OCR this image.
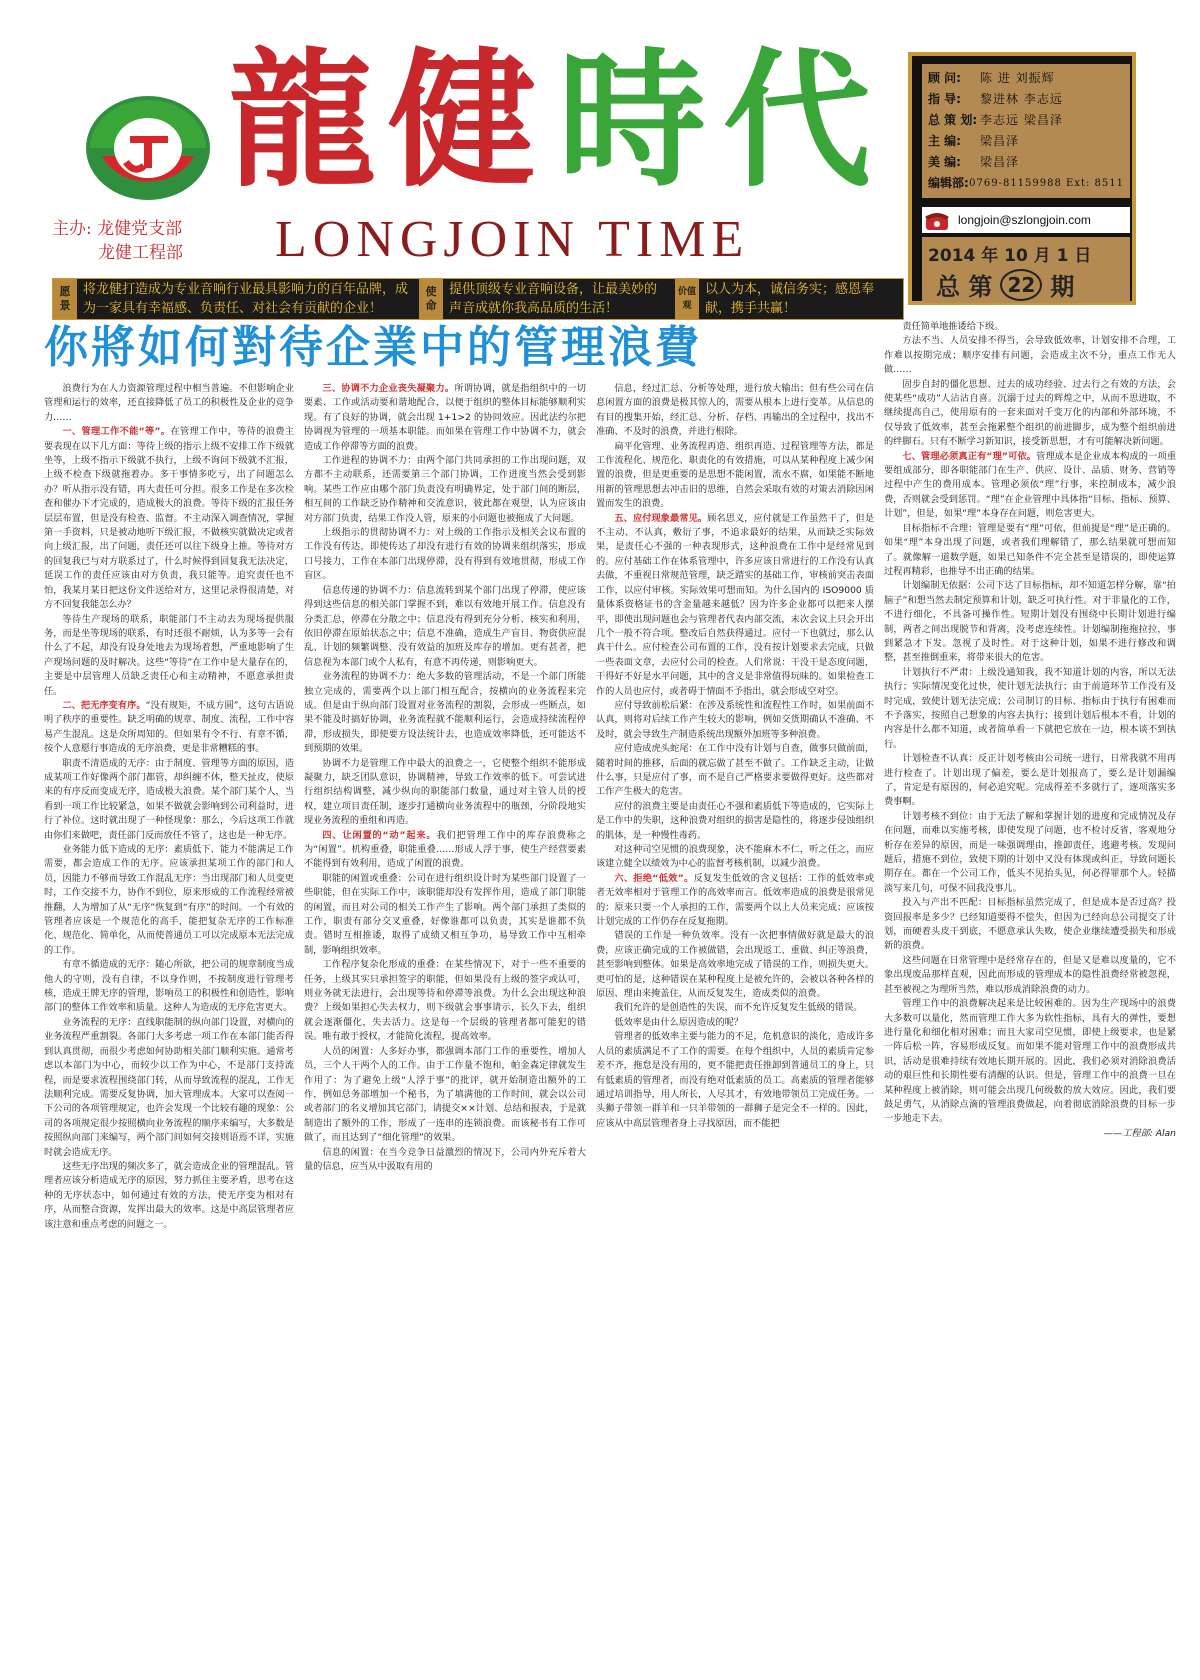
龍 健 時 代
主办: 龙健党支部
龙健工程部 LONGJOIN TIME
顾 问:	陈 进 刘振辉
指 导:	黎进林 李志远
总 策 划: 李志远 梁昌泽
主 编:	梁昌泽
美 编:	梁昌泽
编辑部: 0769-81159988 Ext: 8511
longjoin@szlongjoin.com
2014 年 10 月 1 日
总 第 22 期
愿景
将龙健打造成为专业音响行业最具影响力的百年品牌，成为一家具有幸福感、负责任、对社会有贡献的企业！
使命
提供顶级专业音响设备，让最美妙的声音成就你我高品质的生活！
价值观
以人为本，诚信务实；感恩奉献，携手共赢！
你將如何對待企業中的管理浪費

浪费行为在人力资源管理过程中相当普遍。不但影响企业管理和运行的效率，还直接降低了员工的积极性及企业的竞争力……

一、管理工作不能“等”。在管理工作中，等待的浪费主要表现在以下几方面：等待上级的指示上级不安排工作下级就坐等，上级不指示下级就不执行，上级不询问下级就不汇报，上级不检查下级就拖着办。多干事情多吃亏，出了问题怎么办？听从指示没有错，再大责任可分担。很多工作是在多次检查和催办下才完成的，造成极大的浪费。等待下级的汇报任务层层布置，但是没有检查、监督。不主动深入调查情况，掌握第一手资料，只是被动地听下级汇报，不做核实就做决定或者向上级汇报，出了问题，责任还可以往下级身上推。等待对方的回复我已与对方联系过了，什么时候得到回复我无法决定，延误工作的责任应该由对方负责，我只能等。追究责任也不怕，我某月某日把这份文件送给对方，这里记录得很清楚，对方不回复我能怎么办？

等待生产现场的联系，职能部门不主动去为现场提供服务，而是坐等现场的联系，有时还很不耐烦，认为多等一会有什么了不起，却没有设身处地去为现场着想，严重地影响了生产现场问题的及时解决。这些“等待”在工作中是大量存在的，主要是中层管理人员缺乏责任心和主动精神，不愿意承担责任。

二、把无序变有序。“没有规矩，不成方圆”，这句古语说明了秩序的重要性。缺乏明确的规章、制度、流程，工作中容易产生混乱。这是众所周知的。但如果有令不行、有章不循，按个人意愿行事造成的无序浪费，更是非常糟糕的事。

职责不清造成的无序：由于制度、管理等方面的原因，造成某项工作好像两个部门都管，却纠缠不休，整天扯皮，使原来的有序反而变成无序，造成极大浪费。某个部门某个人，当看到一项工作比较紧急，如果不做就会影响到公司利益时，进行了补位。这时就出现了一种怪现象：那么，今后这项工作就由你们来做吧，责任部门反而放任不管了，这也是一种无序。

业务能力低下造成的无序：素质低下、能力不能满足工作需要，都会造成工作的无序。应该承担某项工作的部门和人员，因能力不够而导致工作混乱无序：当出现部门和人员变更时，工作交接不力，协作不到位，原来形成的工作流程经常被推翻，人为增加了从“无序”恢复到“有序”的时间。一个有效的管理者应该是一个规范化的高手，能把复杂无序的工作标准化、规范化、简单化，从而使普通员工可以完成原本无法完成的工作。

有章不循造成的无序：随心所欲，把公司的规章制度当成他人的守则，没有自律，不以身作则，不按制度进行管理考核，造成王牌无序的管理，影响员工的积极性和创造性，影响部门的整体工作效率和质量。这种人为造成的无序危害更大。

业务流程的无序：直线职能制的纵向部门设置，对横向的业务流程严重割裂。各部门大多考虑一项工作在本部门能否得到认真贯彻，而很少考虑如何协助相关部门顺利实施。通常考虑以本部门为中心，而较少以工作为中心，不是部门支持流程，而是要求流程围绕部门转，从而导致流程的混乱，工作无法顺利完成。需要反复协调，加大管理成本。大家可以查阅一下公司的各项管理规定，也许会发现一个比较有趣的现象：公司的各项规定很少按照横向业务流程的顺序来编写，大多数是按照纵向部门来编写，两个部门间如何交接则语焉不详，实施时就会造成无序。

这些无序出现的频次多了，就会造成企业的管理混乱。管理者应该分析造成无序的原因，努力抓住主要矛盾，思考在这种的无序状态中，如何通过有效的方法，使无序变为相对有序，从而整合资源，发挥出最大的效率。这是中高层管理者应该注意和重点考虑的问题之一。

三、协调不力企业丧失凝聚力。所谓协调，就是指组织中的一切要素、工作或活动要和谐地配合，以便于组织的整体目标能够顺利实现。有了良好的协调，就会出现 1+1>2 的协同效应。因此法约尔把协调视为管理的一项基本职能。而如果在管理工作中协调不力，就会造成工作停滞等方面的浪费。

工作进程的协调不力：由两个部门共同承担的工作出现问题，双方都不主动联系，还需要第三个部门协调，工作进度当然会受到影响。某些工作应由哪个部门负责没有明确界定，处于部门间的断层，相互间的工作缺乏协作精神和交流意识，彼此都在观望，认为应该由对方部门负责，结果工作没人管，原来的小问题也被拖成了大问题。

上级指示的贯彻协调不力：对上级的工作指示及相关会议布置的工作没有传达，即使传达了却没有进行有效的协调来组织落实，形成口号接力，工作在本部门出现停滞，没有得到有效地贯彻，形成工作盲区。

信息传递的协调不力：信息流转到某个部门出现了停滞，使应该得到这些信息的相关部门掌握不到，难以有效地开展工作。信息没有分类汇总，停滞在分散之中；信息没有得到充分分析、核实和利用，依旧停滞在原始状态之中；信息不准确，造成生产盲目、物资供应混乱、计划的频繁调整、没有效益的加班及库存的增加。更有甚者，把信息视为本部门或个人私有，有意不再传递，则影响更大。

业务流程的协调不力：绝大多数的管理活动，不是一个部门所能独立完成的，需要两个以上部门相互配合，按横向的业务流程来完成。但是由于纵向部门设置对业务流程的割裂，会形成一些断点，如果不能及时搞好协调，业务流程就不能顺利运行，会造成持续流程停滞，形成损失，即使要方设法统计去，也造成效率降低，还可能达不到预期的效果。

协调不力是管理工作中最大的浪费之一，它使整个组织不能形成凝聚力，缺乏团队意识，协调精神，导致工作效率的低下。可尝试进行组织结构调整，减少纵向的职能部门数量，通过对主管人员的授权，建立项目责任制，逐步打通横向业务流程中的瓶颈，分阶段地实现业务流程的重组和再造。

四、让闲置的“动”起来。我们把管理工作中的库存浪费称之为“闲置”。机构重叠，职能重叠……形成人浮于事，使生产经营要素不能得到有效利用，造成了闲置的浪费。

职能的闲置或重叠：公司在进行组织设计时为某些部门设置了一些职能，但在实际工作中，该职能却没有发挥作用，造成了部门职能的闲置，而且对公司的相关工作产生了影响。两个部门承担了类似的工作，职责有部分交叉重叠，好像谁都可以负责，其实是谁都不负责。错时互相推诿，取得了成绩又相互争功，易导致工作中互相牵制，影响组织效率。

工作程序复杂化形成的重叠：在某些情况下，对于一些不重要的任务，上级其实只承担签字的职能，但如果没有上级的签字或认可，则业务就无法进行，会出现等待和停滞等浪费。为什么会出现这种浪费？上级如果担心失去权力，则下级就会事事请示，长久下去，组织就会逐渐僵化，失去活力。这是每一个层级的管理者都可能犯的错误。唯有敢于授权，才能简化流程，提高效率。

人员的闲置：人多好办事，都强调本部门工作的重要性，增加人员，三个人干两个人的工作。由于工作量不饱和，帕金森定律就发生作用了：为了避免上级“人浮于事”的批评，就开始制造出额外的工作，例如总务部增加一个秘书，为了填满他的工作时间，就会以公司或者部门的名义增加其它部门，请提交××计划、总结和报表，于是就制造出了额外的工作，形成了一连串的连锁浪费。而该秘书有工作可做了，而且达到了“细化管理”的效果。

信息的闲置：在当今竞争日益激烈的情况下，公司内外充斥着大量的信息，应当从中汲取有用的

信息，经过汇总、分析等处理，进行放大输出；但有些公司在信息闲置方面的浪费是极其惊人的，需要从根本上进行变革。从信息的有目的搜集开始，经汇总、分析、存档、再输出的全过程中，找出不准确、不及时的浪费，并进行根除。

扁平化管理、业务流程再造、组织再造、过程管理等方法，都是工作流程化、规范化、职责化的有效措施，可以从某种程度上减少闲置的浪费，但是更重要的是思想不能闲置，流水不腐，如果能不断地用新的管理思想去冲击旧的思维，自然会采取有效的对策去消除因闲置而发生的浪费。

五、应付现象最常见。顾名思义，应付就是工作虽然干了，但是不主动、不认真，敷衍了事，不追求最好的结果，从而缺乏实际效果，是责任心不强的一种表现形式，这种浪费在工作中是经常见到的。应付基础工作在体系管理中，许多应该日常进行的工作没有认真去做，不重视日常规范管理，缺乏踏实的基础工作，审核前突击表面工作，以应付审核。实际效果可想而知。为什么国内的 ISO9000 质量体系资格证书的含金量越来越低？因为许多企业都可以把来人摆平，即使出现问题也会与管理者代表内部交流，末次会议上只会开出几个一般不符合项。整改后自然获得通过。应付一下也就过，那么认真干什么。应付检查公司布置的工作，没有按计划要求去完成，只做一些表面文章，去应付公司的检查。人们常说：干没干是态度问题，干得好不好是水平问题，其中的含义是非常值得玩味的。如果检查工作的人员也应付，或者碍于情面不予指出，就会形成空对空。

应付导致前松后紧：在涉及系统性和流程性工作时，如果前面不认真，则将对后续工作产生较大的影响，例如交货期确认不准确、不及时，就会导致生产制造系统出现额外加班等多种浪费。

应付造成虎头蛇尾：在工作中没有计划与自查，做事只做前面，随着时间的推移，后面的就忘做了甚至不做了。工作缺乏主动，让做什么事，只是应付了事，而不是自己严格要求要做得更好。这些都对工作产生极大的危害。

应付的浪费主要是由责任心不强和素质低下等造成的，它实际上是工作中的失职，这种浪费对组织的损害是隐性的，将逐步侵蚀组织的肌体，是一种慢性毒药。

对这种司空见惯的浪费现象，决不能麻木不仁，听之任之，而应该建立健全以绩效为中心的监督考核机制，以减少浪费。

六、拒绝“低效”。反复发生低效的含义包括：工作的低效率或者无效率相对于管理工作的高效率而言。低效率造成的浪费是很常见的：原来只要一个人承担的工作，需要两个以上人员来完成；应该按计划完成的工作仍存在反复拖期。

错误的工作是一种负效率。没有一次把事情做好就是最大的浪费，应该正确完成的工作被做错，会出现返工、重做、纠正等浪费，甚至影响到整体。如果是高效率地完成了错误的工作，则损失更大。更可怕的是，这种错误在某种程度上是被允许的，会被以各种各样的原因、理由来掩盖住，从而反复发生，造成类似的浪费。

我们允许的是创造性的失误，而不允许反复发生低级的错误。

低效率是由什么原因造成的呢？

管理者的低效率主要与能力的不足，危机意识的淡化，造成许多人员的素质满足不了工作的需要。在每个组织中，人员的素质肯定参差不齐，拖怠是没有用的，更不能把责任推卸到普通员工的身上，只有低素质的管理者，而没有绝对低素质的员工。高素质的管理者能够通过培训指导，用人所长，人尽其才，有效地带领员工完成任务。一头狮子带领一群羊和一只羊带领的一群狮子是完全不一样的。因此，应该从中高层管理者身上寻找原因，而不能把

责任简单地推诿给下级。

方法不当、人员安排不得当，会导致低效率，计划安排不合理，工作难以按期完成；顺序安排有问题，会造成主次不分，重点工作无人做……

固步自封的僵化思想、过去的成功经验、过去行之有效的方法，会使某些“成功”人沾沾自喜。沉溺于过去的辉煌之中，从而不思进取，不继续提高自己，使用原有的一套来面对千变万化的内部和外部环境，不仅导致了低效率，甚至会拖累整个组织的前进脚步，成为整个组织前进的绊脚石。只有不断学习新知识，接受新思想，才有可能解决新问题。

七、管理必须真正有“理”可依。管理成本是企业成本构成的一项重要组成部分，即各职能部门在生产、供应、设计、品质、财务、营销等过程中产生的费用成本。管理必须依“理”行事，来控制成本，减少浪费，否则就会受到惩罚。“理”在企业管理中具体指“目标、指标、预算、计划”，但是，如果“理”本身存在问题，则危害更大。

目标指标不合理：管理是要有“理”可依，但前提是“理”是正确的。如果“理”本身出现了问题，或者我们理解错了，那么结果就可想而知了。就像解一道数学题，如果已知条件不完全甚至是错误的，即使运算过程再精彩，也推导不出正确的结果。

计划编制无依据：公司下达了目标指标，却不知道怎样分解，靠“拍脑子”和想当然去制定预算和计划，缺乏可执行性。对于非量化的工作，不进行细化，不具备可操作性。短期计划没有围绕中长期计划进行编制，两者之间出现脱节和背离，没考虑连续性。计划编制拖拖拉拉，事到紧急才下发。忽视了及时性。对于这种计划，如果不进行修改和调整，甚至推倒重来，将带来很大的危害。

计划执行不严肃：上级没通知我，我不知道计划的内容，所以无法执行；实际情况变化过快，使计划无法执行；由于前道环节工作没有及时完成，致使计划无法完成；公司制订的目标、指标由于执行有困难而不予落实，按照自己想象的内容去执行；接到计划后根本不看，计划的内容是什么都不知道，或者简单看一下就把它放在一边，根本谈不到执行。

计划检查不认真：反正计划考核由公司统一进行，日常我就不用再进行检查了。计划出现了偏差，要么是计划报高了，要么是计划漏编了，肯定是有原因的，何必追究呢。完成得差不多就行了，逐项落实多费事啊。

计划考核不到位：由于无法了解和掌握计划的进度和完成情况及存在问题，而难以实施考核，即使发现了问题，也不检讨反省，客观地分析存在差异的原因，而是一味强调理由，推卸责任，逃避考核。发现问题后，措施不到位，致使下期的计划中又没有体现或纠正，导致问题长期存在。都在一个公司工作，低头不见抬头见，何必得罪那个人。轻描淡写来几句，可保不回我没事儿。

投入与产出不匹配：目标指标虽然完成了，但是成本是否过高？投资回报率是多少？已经知道要得不偿失，但因为已经向总公司提交了计划，而硬着头皮干到底，不愿意承认失败，使企业继续遭受损失和形成新的浪费。

这些问题在日常管理中是经常存在的，但是又是难以度量的，它不象出现废品那样直观，因此而形成的管理成本的隐性浪费经常被忽视，甚至被视之为理所当然，难以形成消除浪费的动力。

管理工作中的浪费解决起来是比较困难的。因为生产现场中的浪费大多数可以量化，然而管理工作大多为软性指标，具有大的弹性，要想进行量化和细化相对困难；而且大家司空见惯，即使上级要求，也是紧一阵后松一阵，容易形成反复。而如果不能对管理工作中的浪费形成共识，活动是很难持续有效地长期开展的。因此，我们必须对消除浪费活动的艰巨性和长期性要有清醒的认识。但是，管理工作中的浪费一旦在某种程度上被消除，则可能会出现几何级数的放大效应。因此，我们要鼓足勇气，从消除点滴的管理浪费做起，向着彻底消除浪费的目标一步一步地走下去。

——工程部: Alan
